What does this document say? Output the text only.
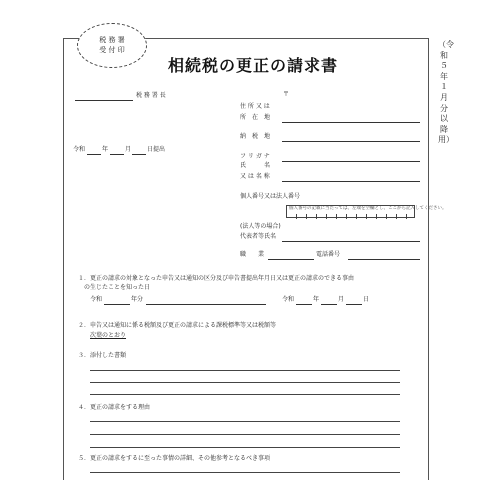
税 務 署
受 付 印
相続税の更正の請求書
（令和５年１月分以降用）
税 務 署 長	〒
令和	年	月	日提出
住 所 又 は
所　在　地
納　税　地
フ リ ガ ナ
氏　　　名
又 は 名 称
個人番号又は法人番号
個人番号の記載に当たっては、左端を空欄とし、ここから記入してください。
(法人等の場合)
代表者等氏名
職　　業	電話番号
１．更正の請求の対象となった申告又は通知の区分及び申告書提出年月日又は更正の請求のできる事由
の生じたことを知った日
令和	年分	令和	年	月	日
２．申告又は通知に係る税額及び更正の請求による課税標準等又は税額等
次葉のとおり
３．添付した書類
４．更正の請求をする理由
５．更正の請求をするに至った事情の詳細、その他参考となるべき事項
